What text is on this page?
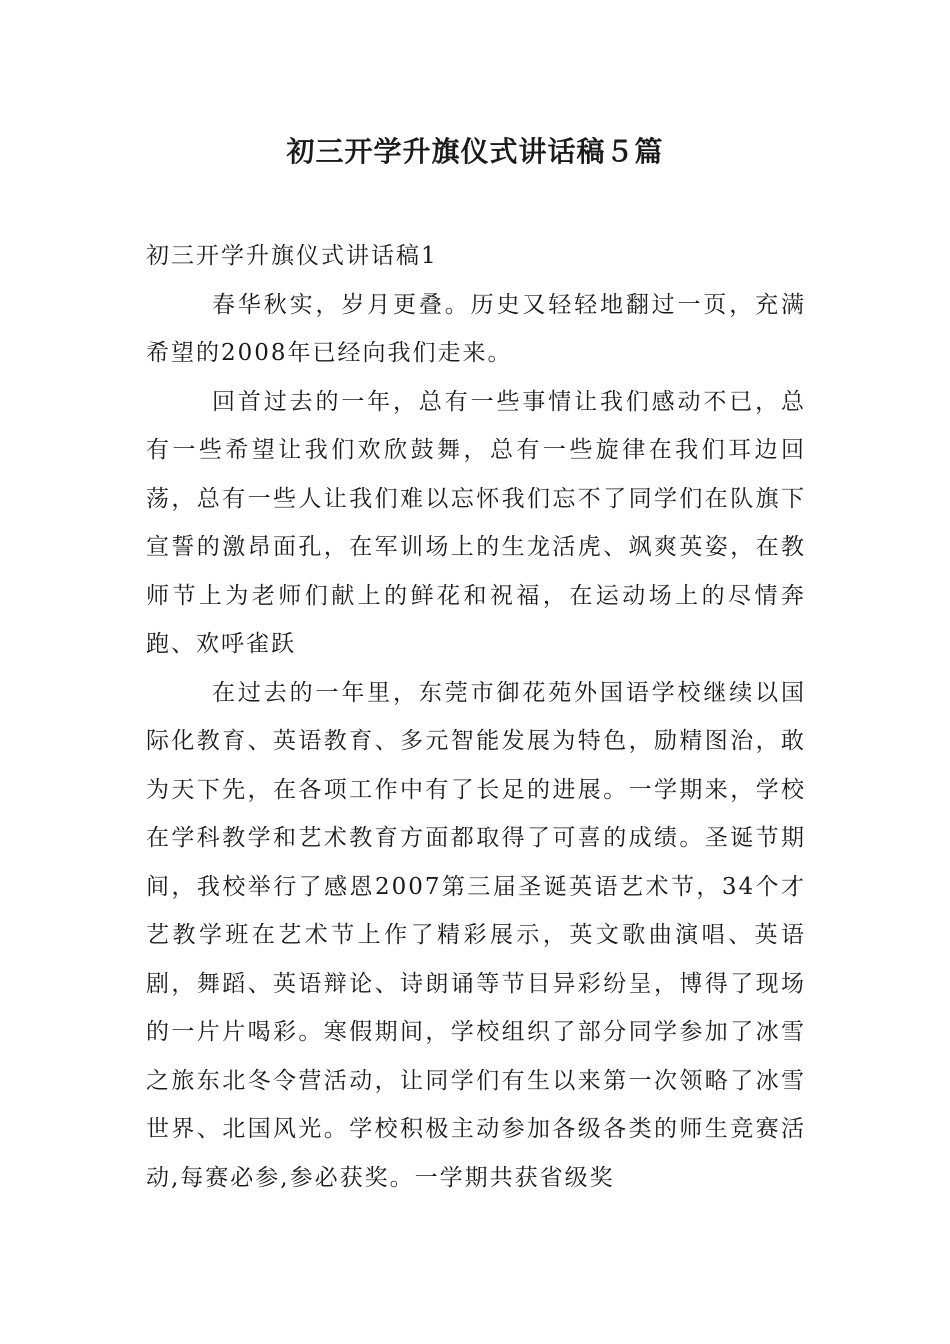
初三开学升旗仪式讲话稿５篇
初三开学升旗仪式讲话稿1

春华秋实，岁月更叠。历史又轻轻地翻过一页，充满希望的2008年已经向我们走来。

回首过去的一年，总有一些事情让我们感动不已，总有一些希望让我们欢欣鼓舞，总有一些旋律在我们耳边回荡，总有一些人让我们难以忘怀我们忘不了同学们在队旗下宣誓的激昂面孔，在军训场上的生龙活虎、飒爽英姿，在教师节上为老师们献上的鲜花和祝福，在运动场上的尽情奔跑、欢呼雀跃

在过去的一年里，东莞市御花苑外国语学校继续以国际化教育、英语教育、多元智能发展为特色，励精图治，敢为天下先，在各项工作中有了长足的进展。一学期来，学校在学科教学和艺术教育方面都取得了可喜的成绩。圣诞节期间，我校举行了感恩2007第三届圣诞英语艺术节，34个才艺教学班在艺术节上作了精彩展示，英文歌曲演唱、英语剧，舞蹈、英语辩论、诗朗诵等节目异彩纷呈，博得了现场的一片片喝彩。寒假期间，学校组织了部分同学参加了冰雪之旅东北冬令营活动，让同学们有生以来第一次领略了冰雪世界、北国风光。学校积极主动参加各级各类的师生竞赛活动,每赛必参,参必获奖。一学期共获省级奖
